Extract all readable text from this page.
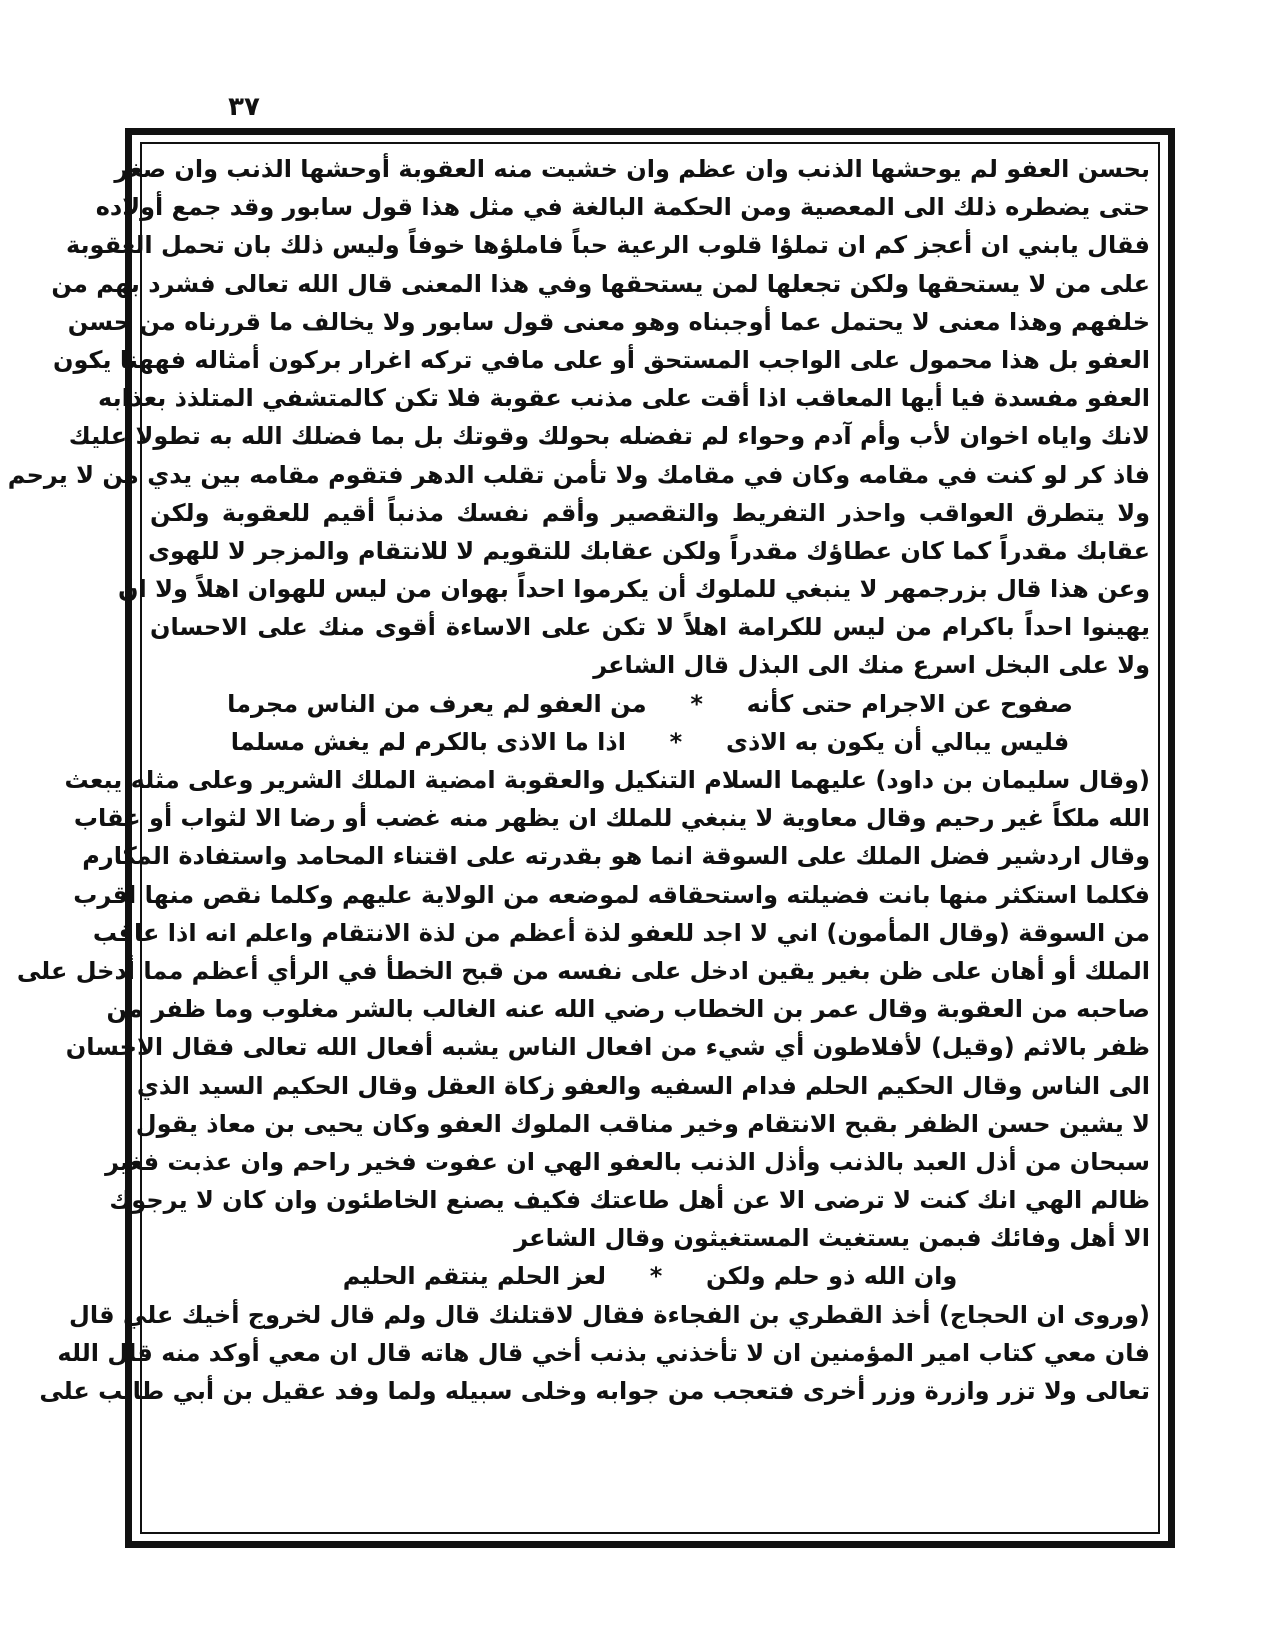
٣٧
بحسن العفو لم يوحشها الذنب وان عظم وان خشيت منه العقوبة أوحشها الذنب وان صغر
حتى يضطره ذلك الى المعصية ومن الحكمة البالغة في مثل هذا قول سابور وقد جمع أولاده
فقال يابني ان أعجز كم ان تملؤا قلوب الرعية حباً فاملؤها خوفاً وليس ذلك بان تحمل العقوبة
على من لا يستحقها ولكن تجعلها لمن يستحقها وفي هذا المعنى قال الله تعالى فشرد بهم من
خلفهم وهذا معنى لا يحتمل عما أوجبناه وهو معنى قول سابور ولا يخالف ما قررناه من حسن
العفو بل هذا محمول على الواجب المستحق أو على مافي تركه اغرار بركون أمثاله فههنا يكون
العفو مفسدة فيا أيها المعاقب اذا أقت على مذنب عقوبة فلا تكن كالمتشفي المتلذذ بعذابه
لانك واياه اخوان لأب وأم آدم وحواء لم تفضله بحولك وقوتك بل بما فضلك الله به تطولا عليك
فاذ كر لو كنت في مقامه وكان في مقامك ولا تأمن تقلب الدهر فتقوم مقامه بين يدي من لا يرحم
ولا يتطرق العواقب واحذر التفريط والتقصير وأقم نفسك مذنباً أقيم للعقوبة ولكن
عقابك مقدراً كما كان عطاؤك مقدراً ولكن عقابك للتقويم لا للانتقام والمزجر لا للهوى
وعن هذا قال بزرجمهر لا ينبغي للملوك أن يكرموا احداً بهوان من ليس للهوان اهلاً ولا ان
يهينوا احداً باكرام من ليس للكرامة اهلاً لا تكن على الاساءة أقوى منك على الاحسان
ولا على البخل اسرع منك الى البذل قال الشاعر
صفوح عن الاجرام حتى كأنه
*
من العفو لم يعرف من الناس مجرما
فليس يبالي أن يكون به الاذى
*
اذا ما الاذى بالكرم لم يغش مسلما
(وقال سليمان بن داود) عليهما السلام التنكيل والعقوبة امضية الملك الشرير وعلى مثله يبعث
الله ملكاً غير رحيم وقال معاوية لا ينبغي للملك ان يظهر منه غضب أو رضا الا لثواب أو عقاب
وقال اردشير فضل الملك على السوقة انما هو بقدرته على اقتناء المحامد واستفادة المكارم
فكلما استكثر منها بانت فضيلته واستحقاقه لموضعه من الولاية عليهم وكلما نقص منها اقرب
من السوقة (وقال المأمون) اني لا اجد للعفو لذة أعظم من لذة الانتقام واعلم انه اذا عاقب
الملك أو أهان على ظن بغير يقين ادخل على نفسه من قبح الخطأ في الرأي أعظم مما أدخل على
صاحبه من العقوبة وقال عمر بن الخطاب رضي الله عنه الغالب بالشر مغلوب وما ظفر من
ظفر بالاثم (وقيل) لأفلاطون أي شيء من افعال الناس يشبه أفعال الله تعالى فقال الاحسان
الى الناس وقال الحكيم الحلم فدام السفيه والعفو زكاة العقل وقال الحكيم السيد الذي
لا يشين حسن الظفر بقبح الانتقام وخير مناقب الملوك العفو وكان يحيى بن معاذ يقول
سبحان من أذل العبد بالذنب وأذل الذنب بالعفو الهي ان عفوت فخير راحم وان عذبت فغير
ظالم الهي انك كنت لا ترضى الا عن أهل طاعتك فكيف يصنع الخاطئون وان كان لا يرجوك
الا أهل وفائك فبمن يستغيث المستغيثون وقال الشاعر
وان الله ذو حلم ولكن
*
لعز الحلم ينتقم الحليم
(وروى ان الحجاج) أخذ القطري بن الفجاءة فقال لاقتلنك قال ولم قال لخروج أخيك علي قال
فان معي كتاب امير المؤمنين ان لا تأخذني بذنب أخي قال هاته قال ان معي أوكد منه قال الله
تعالى ولا تزر وازرة وزر أخرى فتعجب من جوابه وخلى سبيله ولما وفد عقيل بن أبي طالب على
